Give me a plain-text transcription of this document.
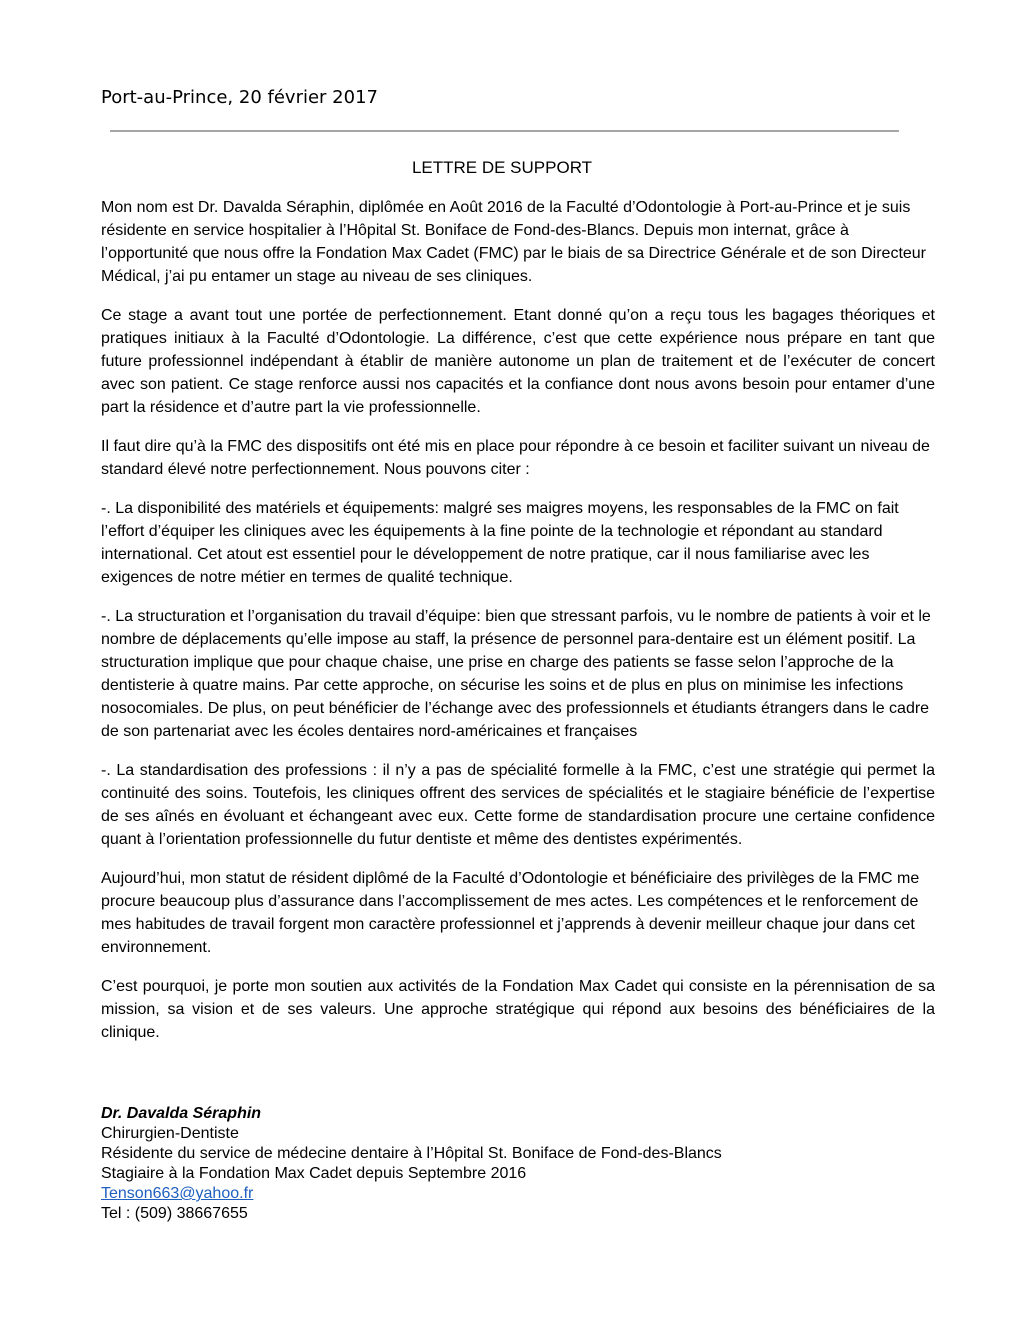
Port-au-Prince, 20 février 2017
LETTRE DE SUPPORT

Mon nom est Dr. Davalda Séraphin, diplômée en Août 2016 de la Faculté d’Odontologie à Port-au-Prince et je suis résidente en service hospitalier à l’Hôpital St. Boniface de Fond-des-Blancs. Depuis mon internat, grâce à l’opportunité que nous offre la Fondation Max Cadet (FMC) par le biais de sa Directrice Générale et de son Directeur Médical, j’ai pu entamer un stage au niveau de ses cliniques.

Ce stage a avant tout une portée de perfectionnement. Etant donné qu’on a reçu tous les bagages théoriques et pratiques initiaux à la Faculté d’Odontologie. La différence, c’est que cette expérience nous prépare en tant que future professionnel indépendant à établir de manière autonome un plan de traitement et de l’exécuter de concert avec son patient. Ce stage renforce aussi nos capacités et la confiance dont nous avons besoin pour entamer d’une part la résidence et d’autre part la vie professionnelle.

Il faut dire qu’à la FMC des dispositifs ont été mis en place pour répondre à ce besoin et faciliter suivant un niveau de standard élevé notre perfectionnement. Nous pouvons citer :

-. La disponibilité des matériels et équipements: malgré ses maigres moyens, les responsables de la FMC on fait l’effort d’équiper les cliniques avec les équipements à la fine pointe de la technologie et répondant au standard international. Cet atout est essentiel pour le développement de notre pratique, car il nous familiarise avec les exigences de notre métier en termes de qualité technique.

-. La structuration et l’organisation du travail d’équipe: bien que stressant parfois, vu le nombre de patients à voir et le nombre de déplacements qu’elle impose au staff, la présence de personnel para-dentaire est un élément positif. La structuration implique que pour chaque chaise, une prise en charge des patients se fasse selon l’approche de la dentisterie à quatre mains. Par cette approche, on sécurise les soins et de plus en plus on minimise les infections nosocomiales. De plus, on peut bénéficier de l’échange avec des professionnels et étudiants étrangers dans le cadre de son partenariat avec les écoles dentaires nord-américaines et françaises

-. La standardisation des professions : il n’y a pas de spécialité formelle à la FMC, c’est une stratégie qui permet la continuité des soins. Toutefois, les cliniques offrent des services de spécialités et le stagiaire bénéficie de l’expertise de ses aînés en évoluant et échangeant avec eux. Cette forme de standardisation procure une certaine confidence quant à l’orientation professionnelle du futur dentiste et même des dentistes expérimentés.

Aujourd’hui, mon statut de résident diplômé de la Faculté d’Odontologie et bénéficiaire des privilèges de la FMC me procure beaucoup plus d’assurance dans l’accomplissement de mes actes. Les compétences et le renforcement de mes habitudes de travail forgent mon caractère professionnel et j’apprends à devenir meilleur chaque jour dans cet environnement.

C’est pourquoi, je porte mon soutien aux activités de la Fondation Max Cadet qui consiste en la pérennisation de sa mission, sa vision et de ses valeurs. Une approche stratégique qui répond aux besoins des bénéficiaires de la clinique.

Dr. Davalda Séraphin
Chirurgien-Dentiste
Résidente du service de médecine dentaire à l’Hôpital St. Boniface de Fond-des-Blancs
Stagiaire à la Fondation Max Cadet depuis Septembre 2016
Tenson663@yahoo.fr
Tel : (509) 38667655
